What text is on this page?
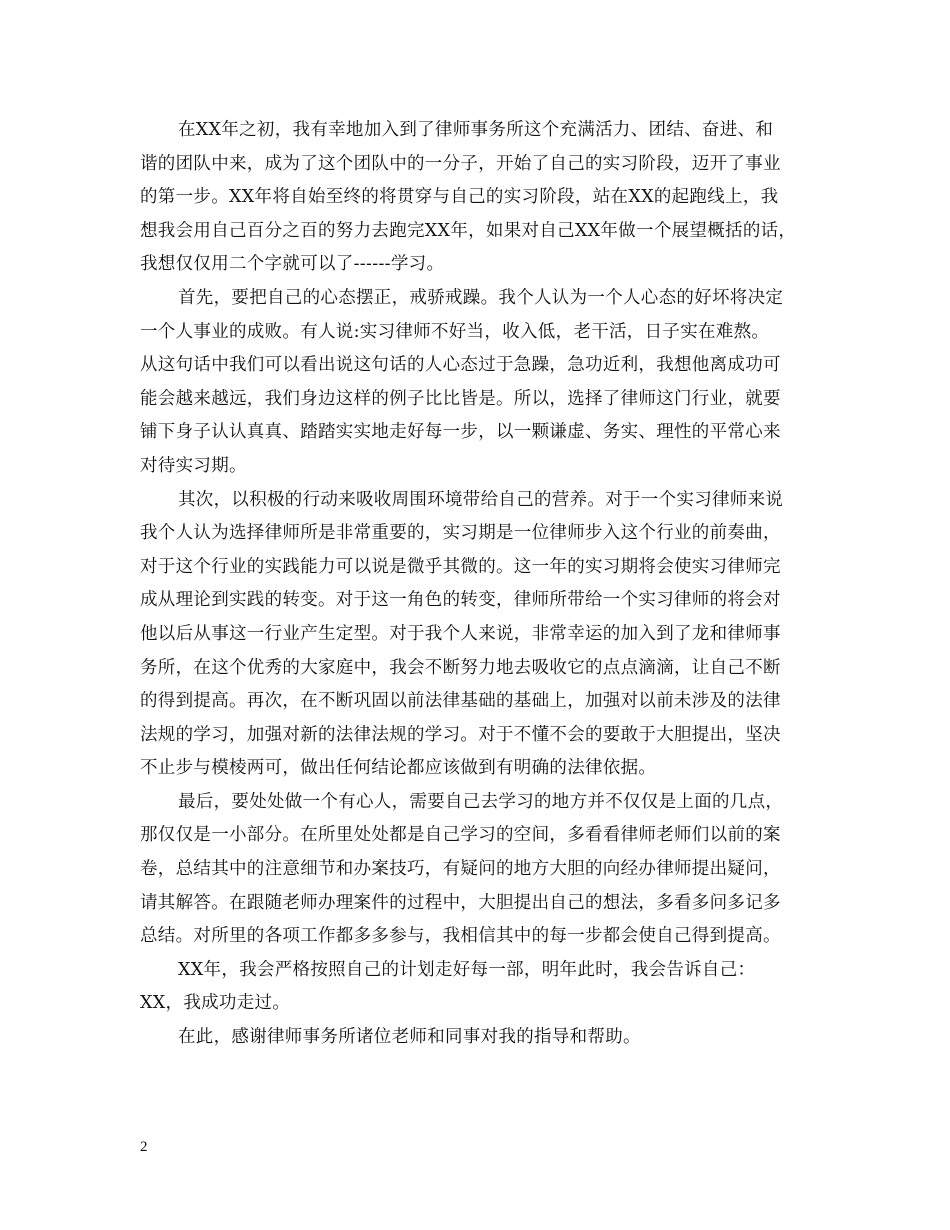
在XX年之初，我有幸地加入到了律师事务所这个充满活力、团结、奋进、和
谐的团队中来，成为了这个团队中的一分子，开始了自己的实习阶段，迈开了事业
的第一步。XX年将自始至终的将贯穿与自己的实习阶段，站在XX的起跑线上，我
想我会用自己百分之百的努力去跑完XX年，如果对自己XX年做一个展望概括的话，
我想仅仅用二个字就可以了------学习。

首先，要把自己的心态摆正，戒骄戒躁。我个人认为一个人心态的好坏将决定
一个人事业的成败。有人说:实习律师不好当，收入低，老干活，日子实在难熬。
从这句话中我们可以看出说这句话的人心态过于急躁，急功近利，我想他离成功可
能会越来越远，我们身边这样的例子比比皆是。所以，选择了律师这门行业，就要
铺下身子认认真真、踏踏实实地走好每一步，以一颗谦虚、务实、理性的平常心来
对待实习期。

其次，以积极的行动来吸收周围环境带给自己的营养。对于一个实习律师来说
我个人认为选择律师所是非常重要的，实习期是一位律师步入这个行业的前奏曲，
对于这个行业的实践能力可以说是微乎其微的。这一年的实习期将会使实习律师完
成从理论到实践的转变。对于这一角色的转变，律师所带给一个实习律师的将会对
他以后从事这一行业产生定型。对于我个人来说，非常幸运的加入到了龙和律师事
务所，在这个优秀的大家庭中，我会不断努力地去吸收它的点点滴滴，让自己不断
的得到提高。再次，在不断巩固以前法律基础的基础上，加强对以前未涉及的法律
法规的学习，加强对新的法律法规的学习。对于不懂不会的要敢于大胆提出，坚决
不止步与模棱两可，做出任何结论都应该做到有明确的法律依据。

最后，要处处做一个有心人，需要自己去学习的地方并不仅仅是上面的几点，
那仅仅是一小部分。在所里处处都是自己学习的空间，多看看律师老师们以前的案
卷，总结其中的注意细节和办案技巧，有疑问的地方大胆的向经办律师提出疑问，
请其解答。在跟随老师办理案件的过程中，大胆提出自己的想法，多看多问多记多
总结。对所里的各项工作都多多参与，我相信其中的每一步都会使自己得到提高。

XX年，我会严格按照自己的计划走好每一部，明年此时，我会告诉自己：
XX，我成功走过。

在此，感谢律师事务所诸位老师和同事对我的指导和帮助。

2
